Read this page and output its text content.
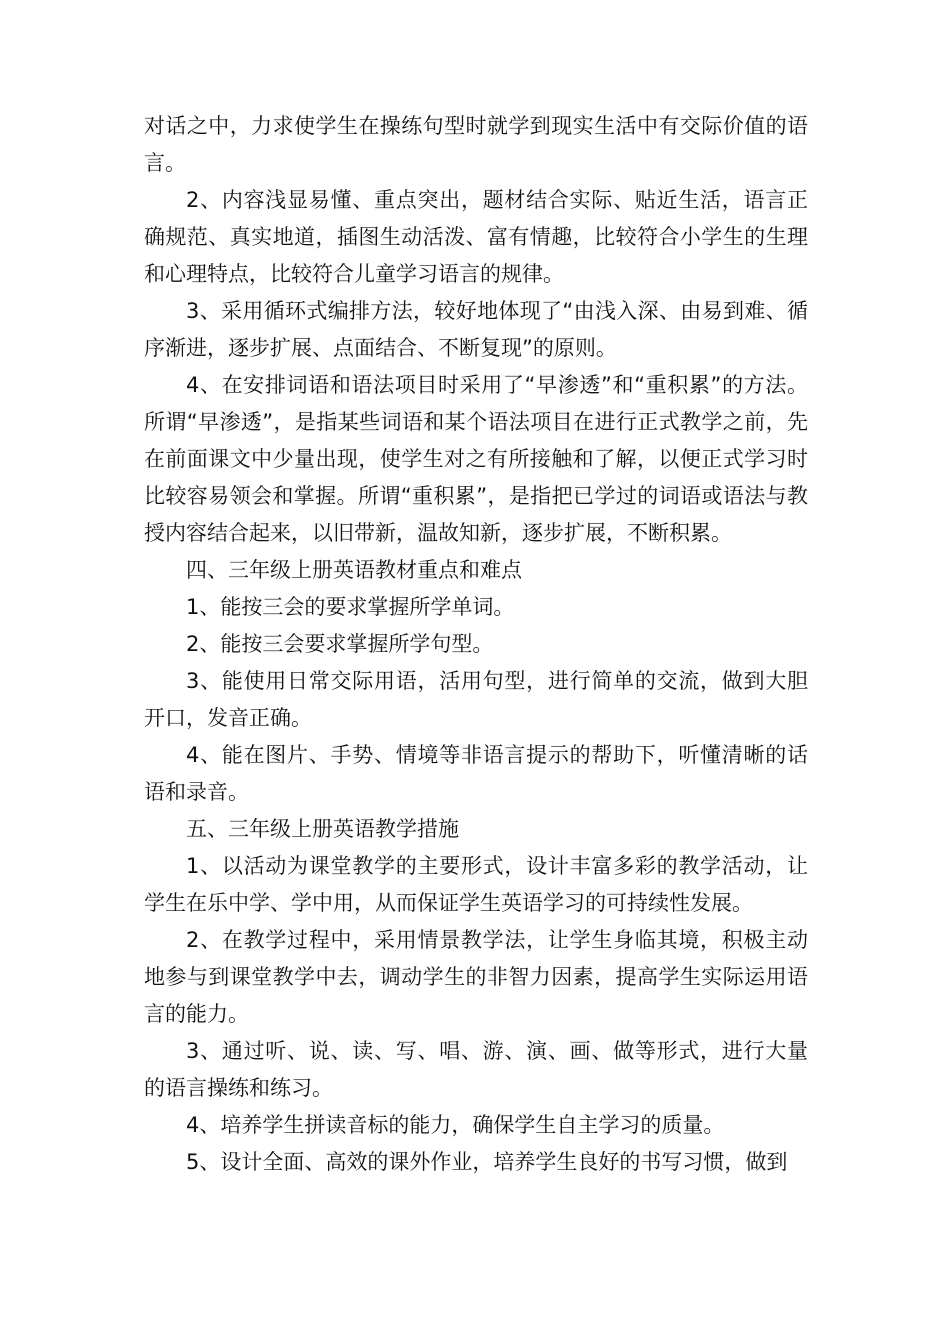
对话之中，力求使学生在操练句型时就学到现实生活中有交际价值的语言。

2、内容浅显易懂、重点突出，题材结合实际、贴近生活，语言正确规范、真实地道，插图生动活泼、富有情趣，比较符合小学生的生理和心理特点，比较符合儿童学习语言的规律。

3、采用循环式编排方法，较好地体现了“由浅入深、由易到难、循序渐进，逐步扩展、点面结合、不断复现”的原则。

4、在安排词语和语法项目时采用了“早渗透”和“重积累”的方法。所谓“早渗透”，是指某些词语和某个语法项目在进行正式教学之前，先在前面课文中少量出现，使学生对之有所接触和了解，以便正式学习时比较容易领会和掌握。所谓“重积累”，是指把已学过的词语或语法与教授内容结合起来，以旧带新，温故知新，逐步扩展，不断积累。

四、三年级上册英语教材重点和难点

1、能按三会的要求掌握所学单词。

2、能按三会要求掌握所学句型。

3、能使用日常交际用语，活用句型，进行简单的交流，做到大胆开口，发音正确。

4、能在图片、手势、情境等非语言提示的帮助下，听懂清晰的话语和录音。

五、三年级上册英语教学措施

1、以活动为课堂教学的主要形式，设计丰富多彩的教学活动，让学生在乐中学、学中用，从而保证学生英语学习的可持续性发展。

2、在教学过程中，采用情景教学法，让学生身临其境，积极主动地参与到课堂教学中去，调动学生的非智力因素，提高学生实际运用语言的能力。

3、通过听、说、读、写、唱、游、演、画、做等形式，进行大量的语言操练和练习。

4、培养学生拼读音标的能力，确保学生自主学习的质量。

5、设计全面、高效的课外作业，培养学生良好的书写习惯，做到
